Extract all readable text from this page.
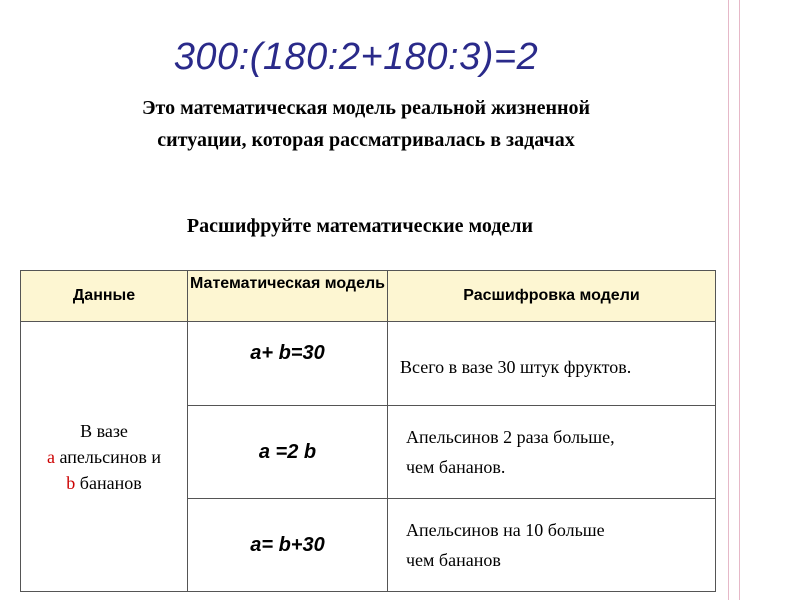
300:(180:2+180:3)=2
Это математическая модель реальной жизненной
ситуации, которая рассматривалась в задачах
Расшифруйте математические модели
Данные	Математическая модель	Расшифровка модели

В вазе
а апельсинов и
b бананов	a+ b=30	Всего в вазе 30 штук фруктов.

	a =2 b	Апельсинов 2 раза больше,
чем бананов.

	a= b+30	Апельсинов на 10 больше
чем бананов
